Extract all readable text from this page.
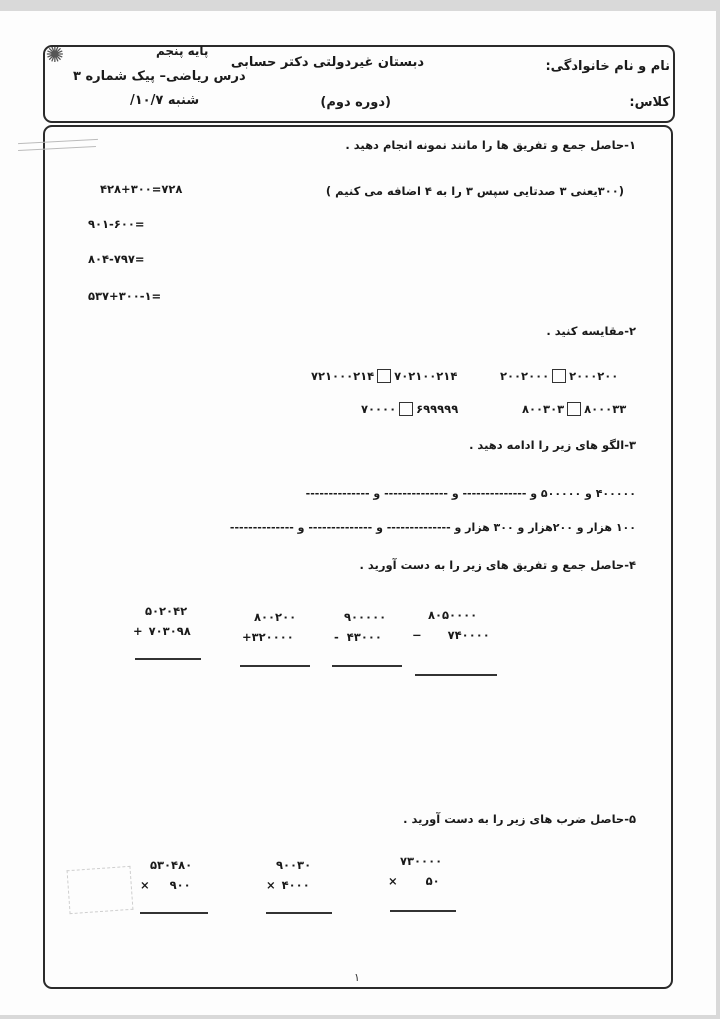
✺	نام و نام خانوادگی:
کلاس:
دبستان غیردولتی دکتر حسابی
(دوره دوم)
پایه پنجم
درس ریاضی– پیک شماره ۳
شنبه ۱۰/۷/
۱-حاصل جمع و تفریق ها را مانند نمونه انجام دهید .
(۳۰۰یعنی ۳ صدتایی سپس ۳ را به ۴ اضافه می کنیم )
۴۲۸+۳۰۰=۷۲۸
۹۰۱-۶۰۰=
۸۰۴-۷۹۷=
۵۳۷+۳۰۰-۱=
۲-مقایسه کنید .
۷۲۱۰۰۰۲۱۴ ۷۰۲۱۰۰۲۱۴	۲۰۰۲۰۰۰ ۲۰۰۰۲۰۰
۷۰۰۰۰ ۶۹۹۹۹۹	۸۰۰۳۰۳ ۸۰۰۰۳۳
۳-الگو های زیر را ادامه دهید .
۴۰۰۰۰۰ و ۵۰۰۰۰۰ و -------------- و -------------- و --------------
۱۰۰ هزار و ۲۰۰هزار و ۳۰۰ هزار و -------------- و -------------- و --------------
۴-حاصل جمع و تفریق های زیر را به دست آورید .
۸۰۵۰۰۰۰
− ۷۴۰۰۰۰
۹۰۰۰۰۰
- ۴۳۰۰۰
۸۰۰۲۰۰
+۳۲۰۰۰۰
۵۰۲۰۴۲
+ ۷۰۳۰۹۸
۵-حاصل ضرب های زیر را به دست آورید .
۷۳۰۰۰۰
× ۵۰
۹۰۰۳۰
× ۴۰۰۰
۵۳۰۴۸۰
× ۹۰۰
۱
